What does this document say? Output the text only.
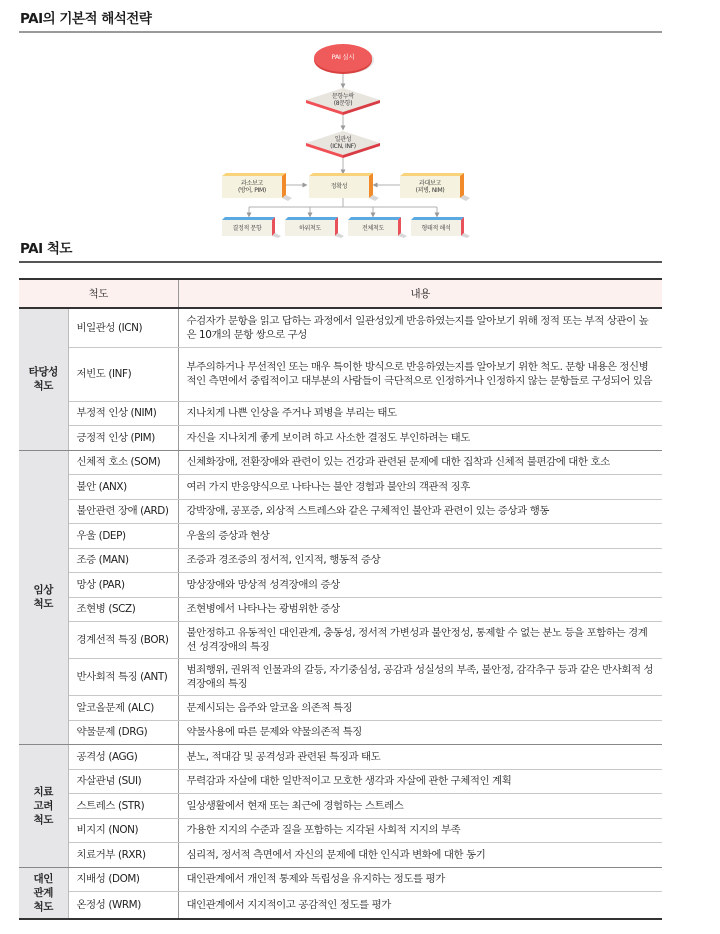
PAI의 기본적 해석전략
PAI 실시
문항누락
(8문항)
일관성
(ICN, INF)
과소보고
(방어, PIM)
정확성	과대보고
(꾀병, NIM)
결정적 문항	하위척도	전체척도	형태적 해석
PAI 척도
척도		내용

타당성
척도	비일관성 (ICN)	수검자가 문항을 읽고 답하는 과정에서 일관성있게 반응하였는지를 알아보기 위해 정적 또는 부적 상관이 높은 10개의 문항 쌍으로 구성
	저빈도 (INF)	부주의하거나 무선적인 또는 매우 특이한 방식으로 반응하였는지를 알아보기 위한 척도. 문항 내용은 정신병적인 측면에서 중립적이고 대부분의 사람들이 극단적으로 인정하거나 인정하지 않는 문항들로 구성되어 있음
	부정적 인상 (NIM)	지나치게 나쁜 인상을 주거나 꾀병을 부리는 태도
	긍정적 인상 (PIM)	자신을 지나치게 좋게 보이려 하고 사소한 결점도 부인하려는 태도

임상
척도	신체적 호소 (SOM)	신체화장애, 전환장애와 관련이 있는 건강과 관련된 문제에 대한 집착과 신체적 불편감에 대한 호소
	불안 (ANX)	여러 가지 반응양식으로 나타나는 불안 경험과 불안의 객관적 징후
	불안관련 장애 (ARD)	강박장애, 공포증, 외상적 스트레스와 같은 구체적인 불안과 관련이 있는 증상과 행동
	우울 (DEP)	우울의 증상과 현상
	조증 (MAN)	조증과 경조증의 정서적, 인지적, 행동적 증상
	망상 (PAR)	망상장애와 망상적 성격장애의 증상
	조현병 (SCZ)	조현병에서 나타나는 광범위한 증상
	경계선적 특징 (BOR)	불안정하고 유동적인 대인관계, 충동성, 정서적 가변성과 불안정성, 통제할 수 없는 분노 등을 포함하는 경계선 성격장애의 특징
	반사회적 특징 (ANT)	범죄행위, 권위적 인물과의 갈등, 자기중심성, 공감과 성실성의 부족, 불안정, 감각추구 등과 같은 반사회적 성격장애의 특징
	알코올문제 (ALC)	문제시되는 음주와 알코올 의존적 특징
	약물문제 (DRG)	약물사용에 따른 문제와 약물의존적 특징

치료
고려
척도	공격성 (AGG)	분노, 적대감 및 공격성과 관련된 특징과 태도
	자살관념 (SUI)	무력감과 자살에 대한 일반적이고 모호한 생각과 자살에 관한 구체적인 계획
	스트레스 (STR)	일상생활에서 현재 또는 최근에 경험하는 스트레스
	비지지 (NON)	가용한 지지의 수준과 질을 포함하는 지각된 사회적 지지의 부족
	치료거부 (RXR)	심리적, 정서적 측면에서 자신의 문제에 대한 인식과 변화에 대한 동기

대인
관계
척도	지배성 (DOM)	대인관계에서 개인적 통제와 독립성을 유지하는 정도를 평가
	온정성 (WRM)	대인관계에서 지지적이고 공감적인 정도를 평가
